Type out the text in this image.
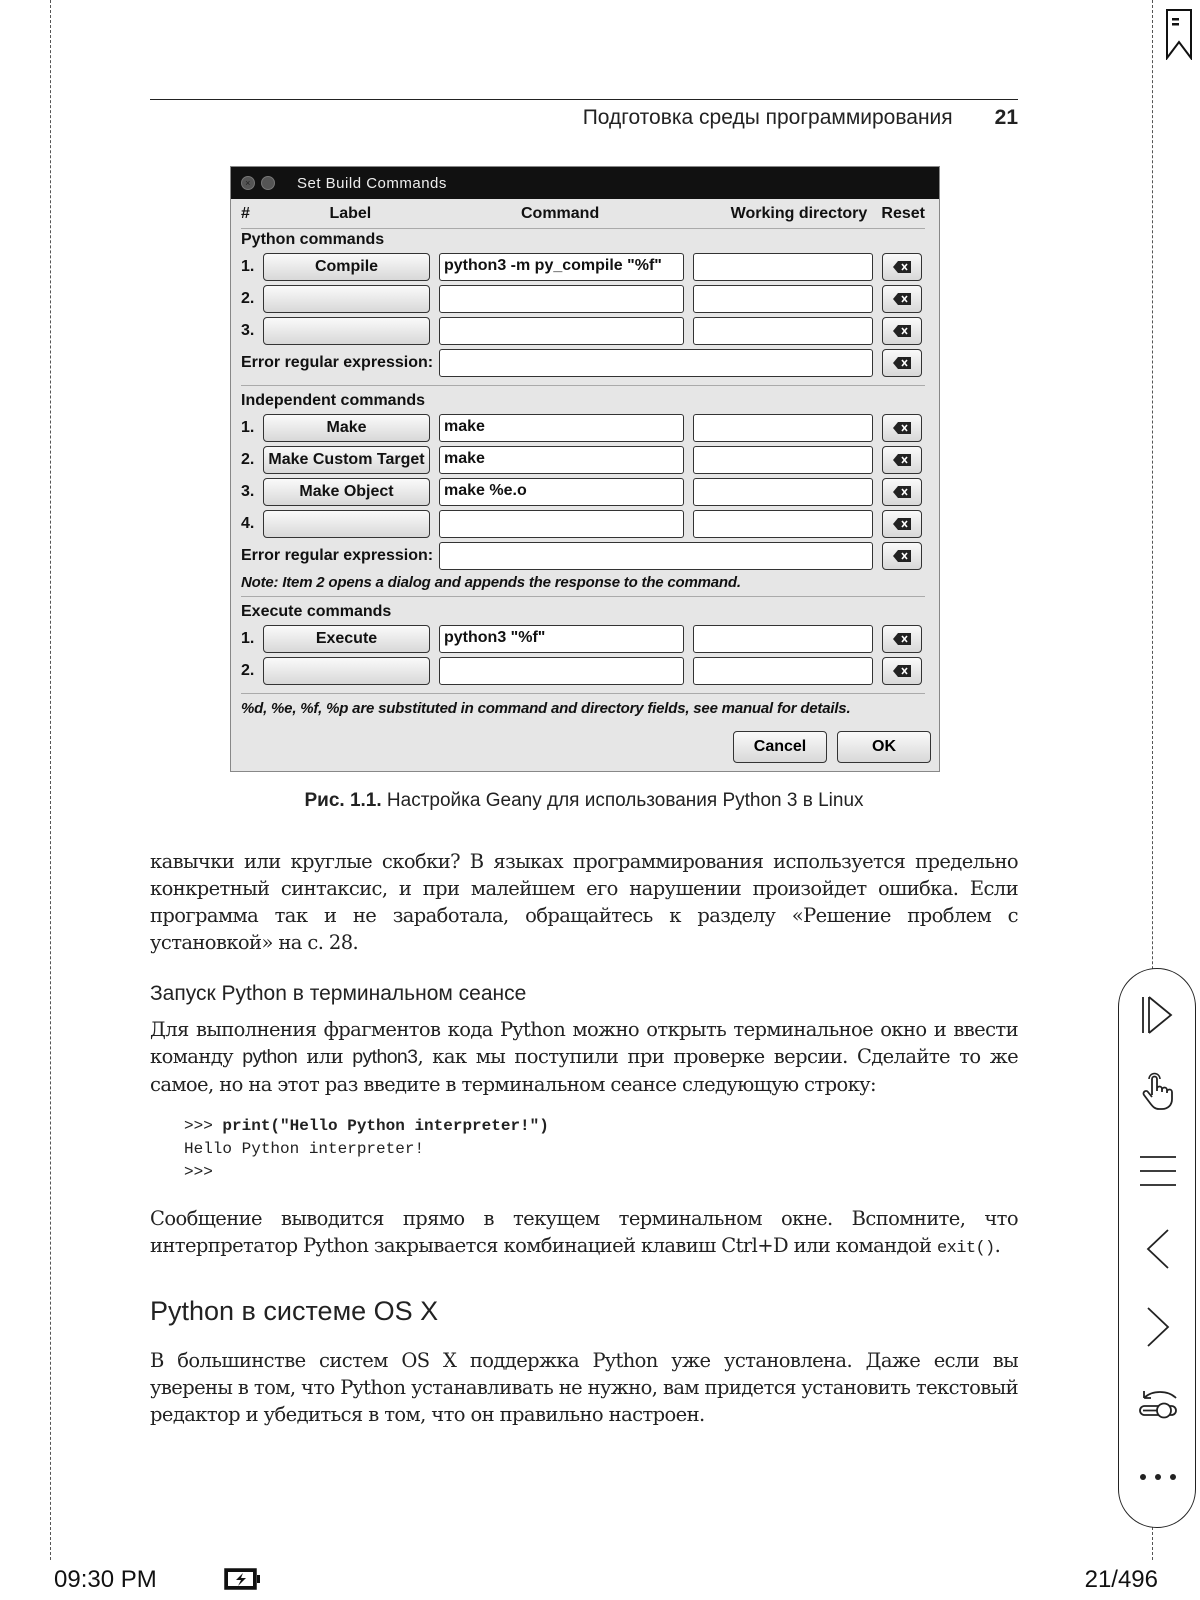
Подготовка среды программирования 21
×	Set Build Commands
#	Label	Command	Working directory Reset
Python commands
1.	Compile	python3 -m py_compile "%f"
2.
3.
Error regular expression:
Independent commands
1.	Make	make
2. Make Custom Target	make
3.	Make Object	make %e.o
4.
Error regular expression:
Note: Item 2 opens a dialog and appends the response to the command.
Execute commands
1.	Execute	python3 "%f"
2.
%d, %e, %f, %p are substituted in command and directory fields, see manual for details.
Cancel	OK
Рис. 1.1. Настройка Geany для использования Python 3 в Linux

кавычки или круглые скобки? В языках программирования используется предельно конкретный синтаксис, и при малейшем его нарушении произойдет ошибка. Если программа так и не заработала, обращайтесь к разделу «Решение проблем с установкой» на с. 28.

Запуск Python в терминальном сеансе

Для выполнения фрагментов кода Python можно открыть терминальное окно и ввести команду python или python3, как мы поступили при проверке версии. Сделайте то же самое, но на этот раз введите в терминальном сеансе следующую строку:

>>> print("Hello Python interpreter!")
Hello Python interpreter!
>>>

Сообщение выводится прямо в текущем терминальном окне. Вспомните, что интерпретатор Python закрывается комбинацией клавиш Ctrl+D или командой exit().

Python в системе OS X

В большинстве систем OS X поддержка Python уже установлена. Даже если вы уверены в том, что Python устанавливать не нужно, вам придется установить текстовый редактор и убедиться в том, что он правильно настроен.

09:30 PM	21/496
